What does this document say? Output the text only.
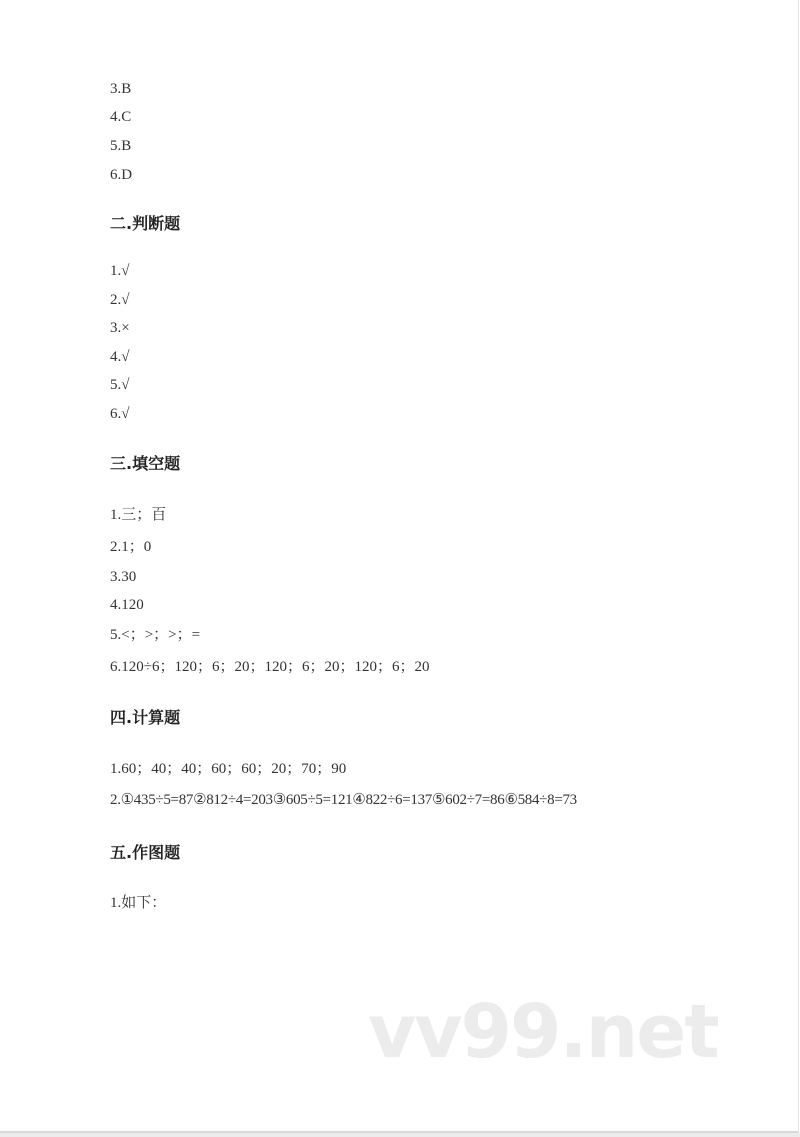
3.B
4.C
5.B
6.D
二.判断题
1.√
2.√
3.×
4.√
5.√
6.√
三.填空题
1.三；百
2.1；0
3.30
4.120
5.<；>；>；=
6.120÷6；120；6；20；120；6；20；120；6；20
四.计算题
1.60；40；40；60；60；20；70；90
2.①435÷5=87②812÷4=203③605÷5=121④822÷6=137⑤602÷7=86⑥584÷8=73
五.作图题
1.如下：
vv99.net
